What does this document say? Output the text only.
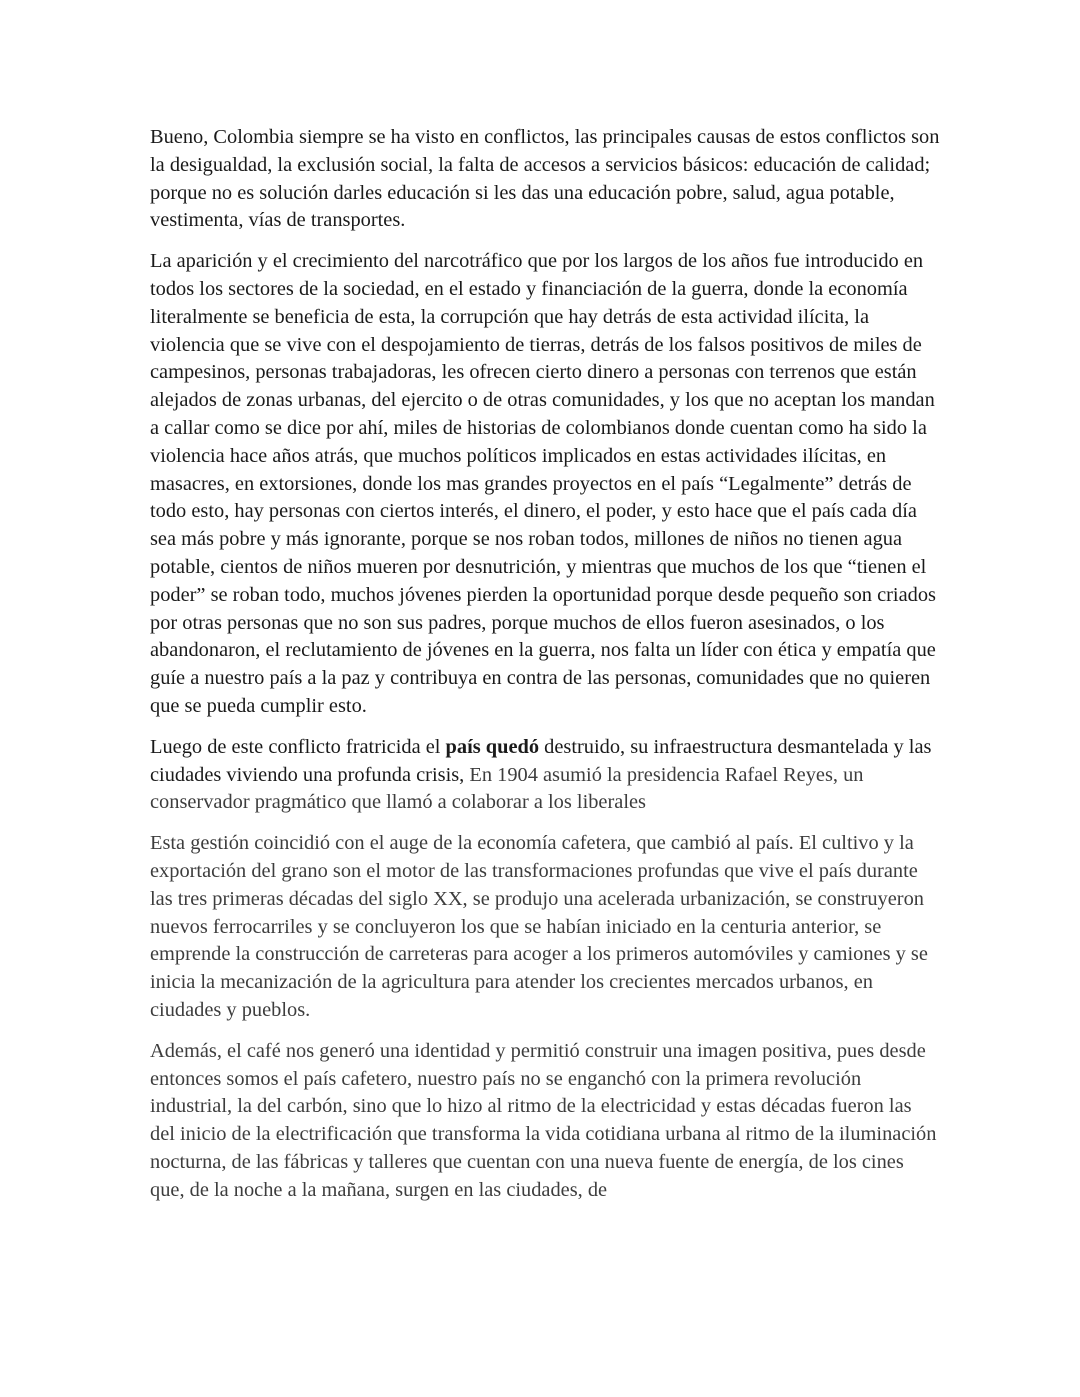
Bueno, Colombia siempre se ha visto en conflictos, las principales causas de estos conflictos son la desigualdad, la exclusión social, la falta de accesos a servicios básicos: educación de calidad; porque no es solución darles educación si les das una educación pobre, salud, agua potable, vestimenta, vías de transportes.

La aparición y el crecimiento del narcotráfico que por los largos de los años fue introducido en todos los sectores de la sociedad, en el estado y financiación de la guerra, donde la economía literalmente se beneficia de esta, la corrupción que hay detrás de esta actividad ilícita, la violencia que se vive con el despojamiento de tierras, detrás de los falsos positivos de miles de campesinos, personas trabajadoras, les ofrecen cierto dinero a personas con terrenos que están alejados de zonas urbanas, del ejercito o de otras comunidades, y los que no aceptan los mandan a callar como se dice por ahí, miles de historias de colombianos donde cuentan como ha sido la violencia hace años atrás, que muchos políticos implicados en estas actividades ilícitas, en masacres, en extorsiones, donde los mas grandes proyectos en el país “Legalmente” detrás de todo esto, hay personas con ciertos interés, el dinero, el poder, y esto hace que el país cada día sea más pobre y más ignorante, porque se nos roban todos, millones de niños no tienen agua potable, cientos de niños mueren por desnutrición, y mientras que muchos de los que “tienen el poder” se roban todo, muchos jóvenes pierden la oportunidad porque desde pequeño son criados por otras personas que no son sus padres, porque muchos de ellos fueron asesinados, o los abandonaron, el reclutamiento de jóvenes en la guerra, nos falta un líder con ética y empatía que guíe a nuestro país a la paz y contribuya en contra de las personas, comunidades que no quieren que se pueda cumplir esto.

Luego de este conflicto fratricida el país quedó destruido, su infraestructura desmantelada y las ciudades viviendo una profunda crisis, En 1904 asumió la presidencia Rafael Reyes, un conservador pragmático que llamó a colaborar a los liberales

Esta gestión coincidió con el auge de la economía cafetera, que cambió al país. El cultivo y la exportación del grano son el motor de las transformaciones profundas que vive el país durante las tres primeras décadas del siglo XX, se produjo una acelerada urbanización, se construyeron nuevos ferrocarriles y se concluyeron los que se habían iniciado en la centuria anterior, se emprende la construcción de carreteras para acoger a los primeros automóviles y camiones y se inicia la mecanización de la agricultura para atender los crecientes mercados urbanos, en ciudades y pueblos.

Además, el café nos generó una identidad y permitió construir una imagen positiva, pues desde entonces somos el país cafetero, nuestro país no se enganchó con la primera revolución industrial, la del carbón, sino que lo hizo al ritmo de la electricidad y estas décadas fueron las del inicio de la electrificación que transforma la vida cotidiana urbana al ritmo de la iluminación nocturna, de las fábricas y talleres que cuentan con una nueva fuente de energía, de los cines que, de la noche a la mañana, surgen en las ciudades, de
